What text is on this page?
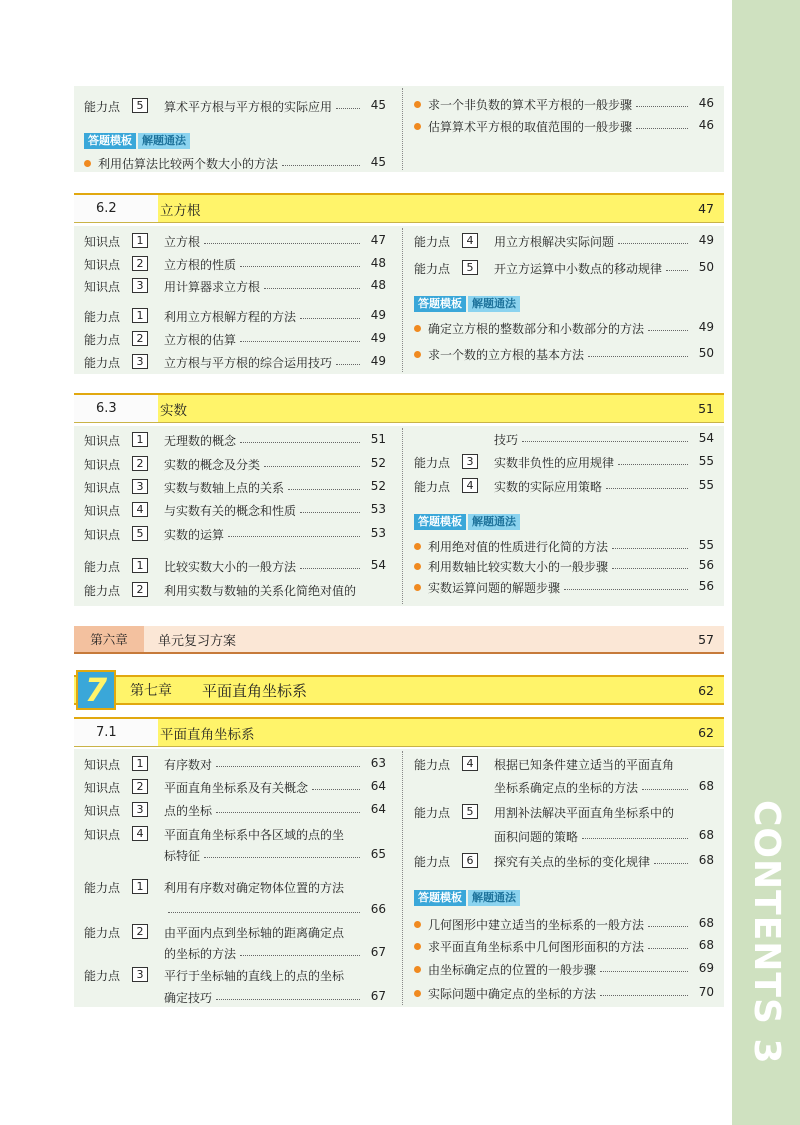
CONTENTS 3
6.2	立方根	47
6.3	实数	51
第六章	单元复习方案	57
第七章 平面直角坐标系	62
7
7.1	平面直角坐标系	62
能力点	5	算术平方根与平方根的实际应用	45
答题模板 解题通法
利用估算法比较两个数大小的方法	45
求一个非负数的算术平方根的一般步骤	46
估算算术平方根的取值范围的一般步骤	46
知识点	1	立方根	47
知识点	2	立方根的性质	48
知识点	3	用计算器求立方根	48
能力点	1	利用立方根解方程的方法	49
能力点	2	立方根的估算	49
能力点	3	立方根与平方根的综合运用技巧	49
能力点	4	用立方根解决实际问题	49
能力点	5	开立方运算中小数点的移动规律	50
答题模板 解题通法
确定立方根的整数部分和小数部分的方法	49
求一个数的立方根的基本方法	50
知识点	1	无理数的概念	51
知识点	2	实数的概念及分类	52
知识点	3	实数与数轴上点的关系	52
知识点	4	与实数有关的概念和性质	53
知识点	5	实数的运算	53
能力点	1	比较实数大小的一般方法	54
能力点	2	利用实数与数轴的关系化简绝对值的
技巧	54
能力点	3	实数非负性的应用规律	55
能力点	4	实数的实际应用策略	55
答题模板 解题通法
利用绝对值的性质进行化简的方法	55
利用数轴比较实数大小的一般步骤	56
实数运算问题的解题步骤	56
知识点	1	有序数对	63
知识点	2	平面直角坐标系及有关概念	64
知识点	3	点的坐标	64
知识点	4	平面直角坐标系中各区域的点的坐
标特征	65
能力点	1	利用有序数对确定物体位置的方法
66
能力点	2	由平面内点到坐标轴的距离确定点
的坐标的方法	67
能力点	3	平行于坐标轴的直线上的点的坐标
确定技巧	67
能力点	4	根据已知条件建立适当的平面直角
坐标系确定点的坐标的方法	68
能力点	5	用割补法解决平面直角坐标系中的
面积问题的策略	68
能力点	6	探究有关点的坐标的变化规律	68
答题模板 解题通法
几何图形中建立适当的坐标系的一般方法	68
求平面直角坐标系中几何图形面积的方法	68
由坐标确定点的位置的一般步骤	69
实际问题中确定点的坐标的方法	70
